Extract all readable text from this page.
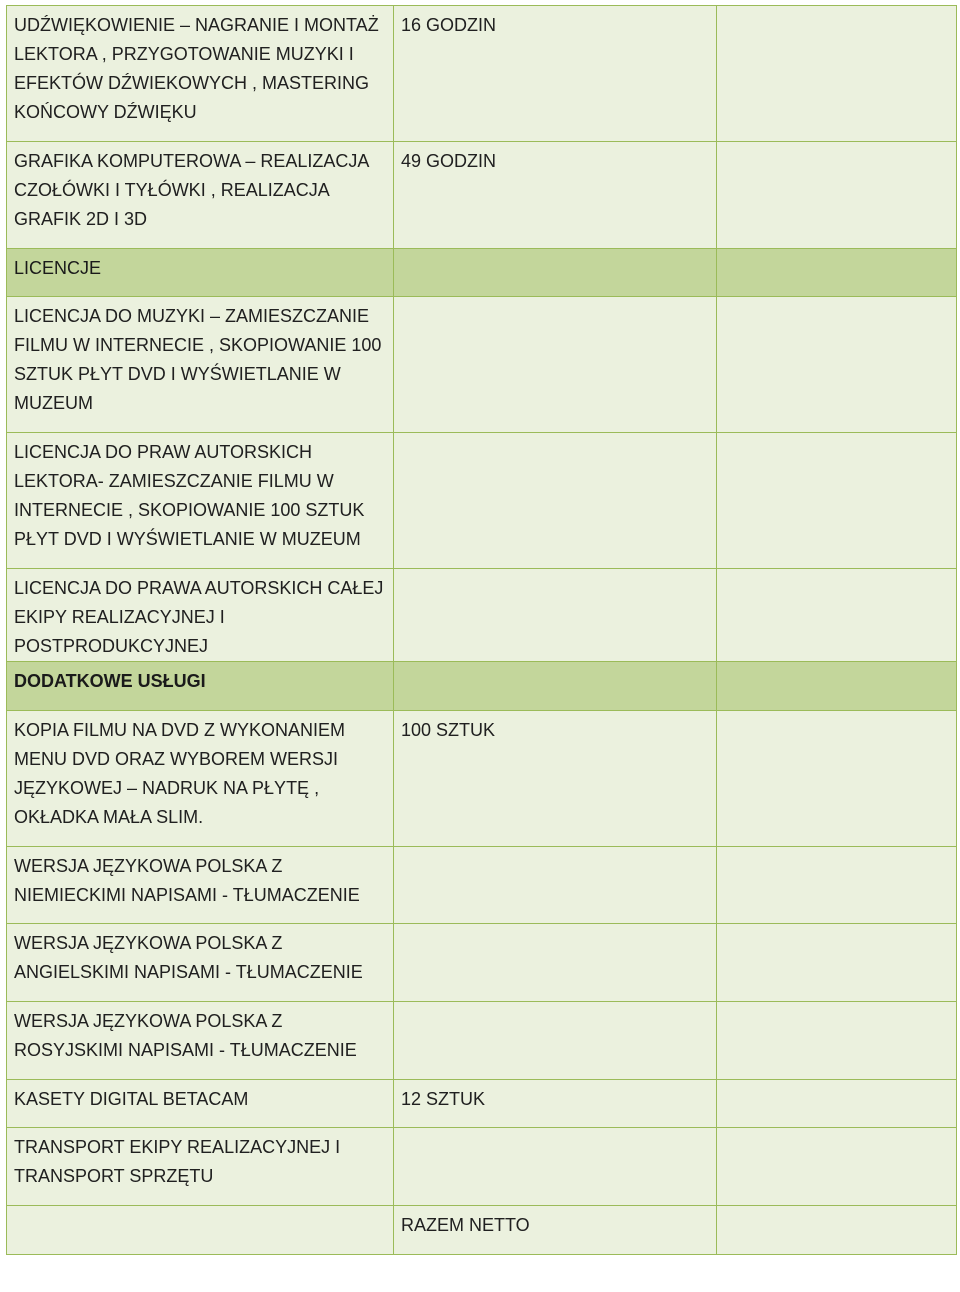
UDŹWIĘKOWIENIE – NAGRANIE I MONTAŻ LEKTORA , PRZYGOTOWANIE MUZYKI I EFEKTÓW DŹWIEKOWYCH , MASTERING KOŃCOWY DŹWIĘKU	16 GODZIN	
GRAFIKA KOMPUTEROWA – REALIZACJA CZOŁÓWKI I TYŁÓWKI , REALIZACJA GRAFIK 2D I 3D	49 GODZIN	
LICENCJE		
LICENCJA DO MUZYKI – ZAMIESZCZANIE FILMU W INTERNECIE , SKOPIOWANIE 100 SZTUK PŁYT DVD I WYŚWIETLANIE W MUZEUM		
LICENCJA DO PRAW AUTORSKICH LEKTORA- ZAMIESZCZANIE FILMU W INTERNECIE , SKOPIOWANIE 100 SZTUK PŁYT DVD I WYŚWIETLANIE W MUZEUM		
LICENCJA DO PRAWA AUTORSKICH CAŁEJ EKIPY REALIZACYJNEJ I POSTPRODUKCYJNEJ		
DODATKOWE USŁUGI		
KOPIA FILMU NA DVD Z WYKONANIEM MENU DVD ORAZ WYBOREM WERSJI JĘZYKOWEJ – NADRUK NA PŁYTĘ , OKŁADKA MAŁA SLIM.	100 SZTUK	
WERSJA JĘZYKOWA POLSKA Z NIEMIECKIMI NAPISAMI - TŁUMACZENIE		
WERSJA JĘZYKOWA POLSKA Z ANGIELSKIMI NAPISAMI - TŁUMACZENIE		
WERSJA JĘZYKOWA POLSKA Z ROSYJSKIMI NAPISAMI - TŁUMACZENIE		
KASETY DIGITAL BETACAM	12 SZTUK	
TRANSPORT EKIPY REALIZACYJNEJ I TRANSPORT SPRZĘTU		
	RAZEM NETTO	
